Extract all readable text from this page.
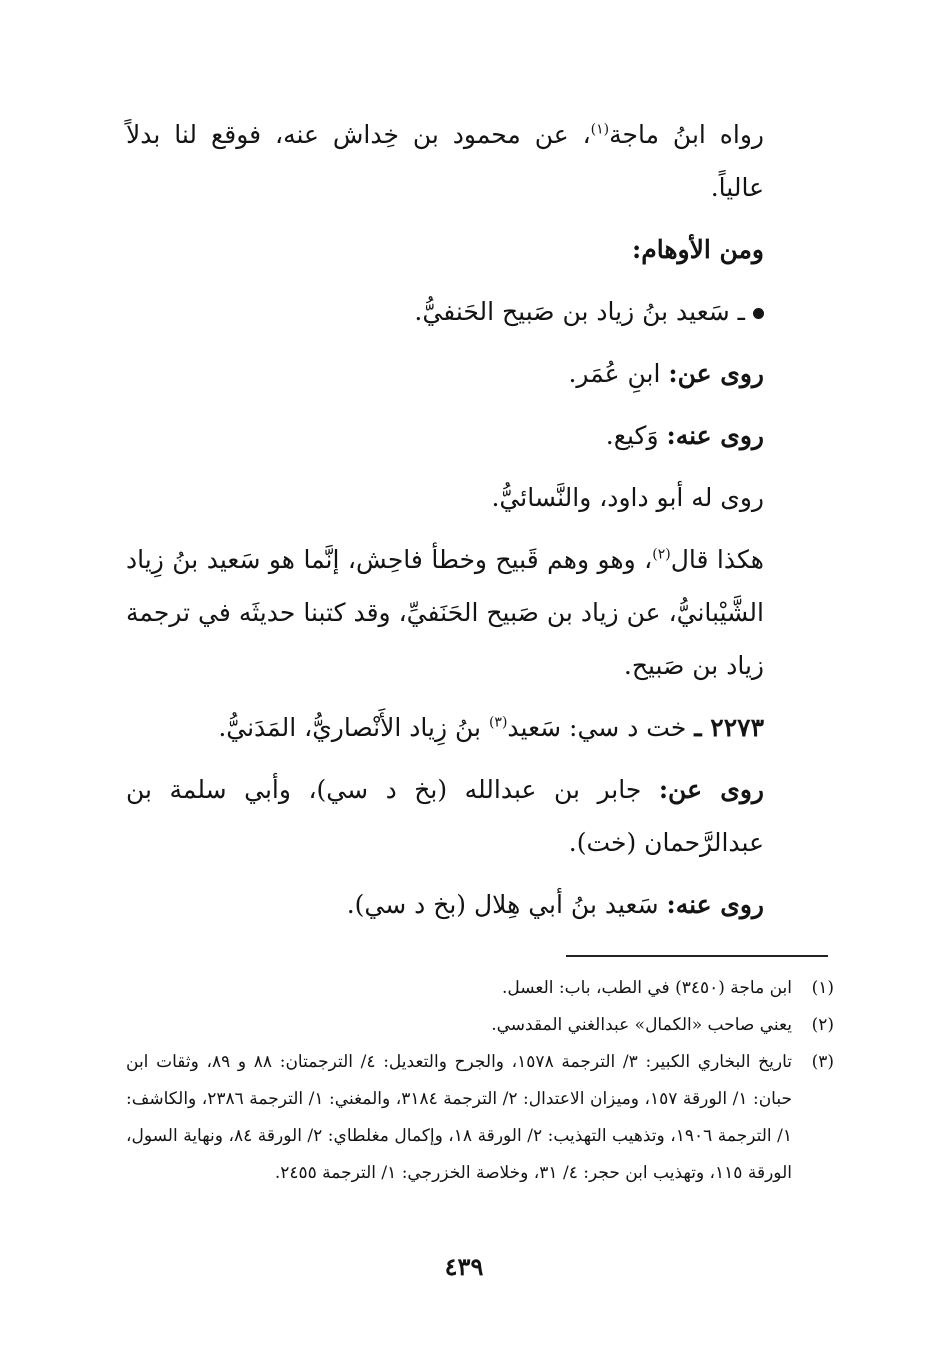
رواه ابنُ ماجة$^{(١)}$، عن محمود بن خِداش عنه، فوقع لنا بدلاً عالياً.

ومن الأوهام:

ـ سَعيد بنُ زياد بن صَبيح الحَنفيُّ.

روى عن: ابنِ عُمَر.

روى عنه: وَكيع.

روى له أبو داود، والنَّسائيُّ.

هكذا قال$^{(٢)}$، وهو وهم قَبيح وخطأ فاحِش، إنَّما هو سَعيد بنُ زِياد الشَّيْبانيُّ، عن زياد بن صَبيح الحَنَفيِّ، وقد كتبنا حديثَه في ترجمة زياد بن صَبيح.

٢٢٧٣ ـ خت د سي: سَعيد$^{(٣)}$ بنُ زِياد الأَنْصاريُّ، المَدَنيُّ.

روى عن: جابر بن عبدالله (بخ د سي)، وأبي سلمة بن عبدالرَّحمان (خت).

روى عنه: سَعيد بنُ أبي هِلال (بخ د سي).

(١)
ابن ماجة (٣٤٥٠) في الطب، باب: العسل.
(٢)
يعني صاحب «الكمال» عبدالغني المقدسي.
(٣)
تاريخ البخاري الكبير: ٣/ الترجمة ١٥٧٨، والجرح والتعديل: ٤/ الترجمتان: ٨٨ و ٨٩، وثقات ابن حبان: ١/ الورقة ١٥٧، وميزان الاعتدال: ٢/ الترجمة ٣١٨٤، والمغني: ١/ الترجمة ٢٣٨٦، والكاشف: ١/ الترجمة ١٩٠٦، وتذهيب التهذيب: ٢/ الورقة ١٨، وإكمال مغلطاي: ٢/ الورقة ٨٤، ونهاية السول، الورقة ١١٥، وتهذيب ابن حجر: ٤/ ٣١، وخلاصة الخزرجي: ١/ الترجمة ٢٤٥٥.
٤٣٩
